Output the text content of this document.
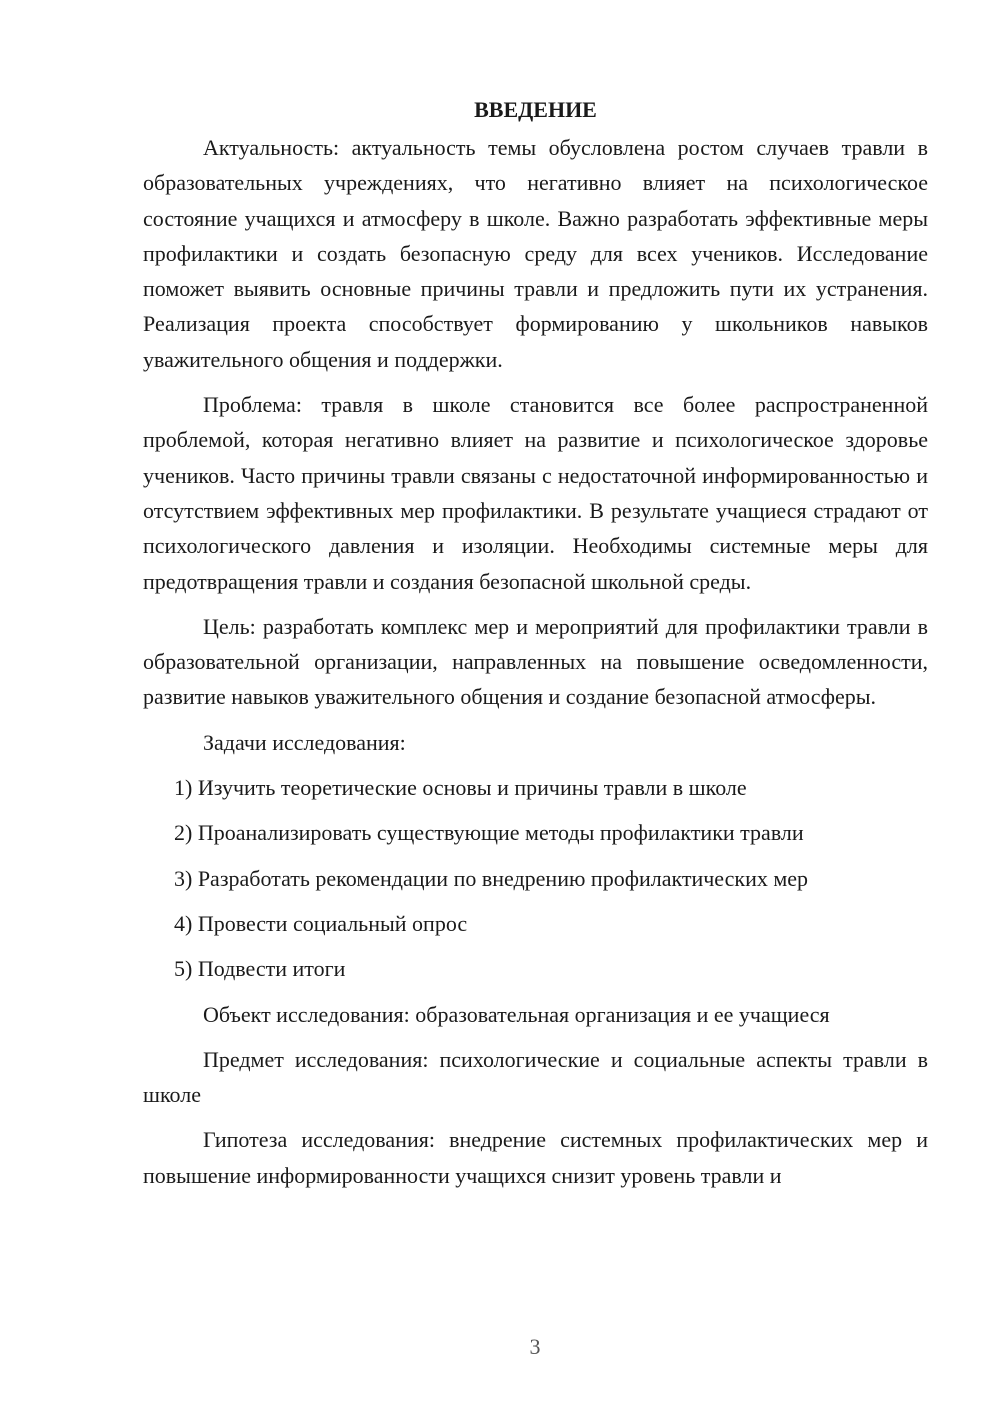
ВВЕДЕНИЕ

Актуальность: актуальность темы обусловлена ростом случаев травли в образовательных учреждениях, что негативно влияет на психологическое состояние учащихся и атмосферу в школе. Важно разработать эффективные меры профилактики и создать безопасную среду для всех учеников. Исследование поможет выявить основные причины травли и предложить пути их устранения. Реализация проекта способствует формированию у школьников навыков уважительного общения и поддержки.

Проблема: травля в школе становится все более распространенной проблемой, которая негативно влияет на развитие и психологическое здоровье учеников. Часто причины травли связаны с недостаточной информированностью и отсутствием эффективных мер профилактики. В результате учащиеся страдают от психологического давления и изоляции. Необходимы системные меры для предотвращения травли и создания безопасной школьной среды.

Цель: разработать комплекс мер и мероприятий для профилактики травли в образовательной организации, направленных на повышение осведомленности, развитие навыков уважительного общения и создание безопасной атмосферы.

Задачи исследования:

1) Изучить теоретические основы и причины травли в школе
2) Проанализировать существующие методы профилактики травли
3) Разработать рекомендации по внедрению профилактических мер
4) Провести социальный опрос
5) Подвести итоги

Объект исследования: образовательная организация и ее учащиеся

Предмет исследования: психологические и социальные аспекты травли в школе

Гипотеза исследования: внедрение системных профилактических мер и повышение информированности учащихся снизит уровень травли и

3
